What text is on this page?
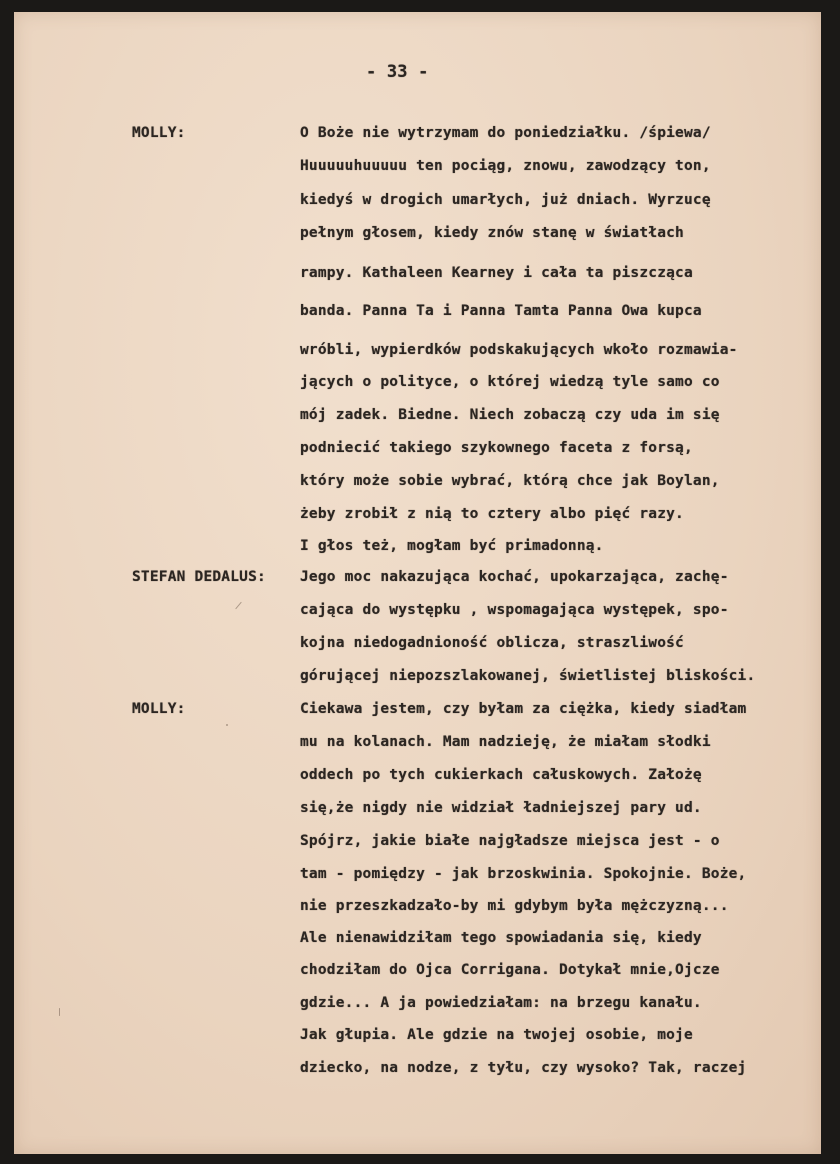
- 33 -
MOLLY:
STEFAN DEDALUS:
MOLLY:
O Boże nie wytrzymam do poniedziałku. /śpiewa/
Huuuuuhuuuuu ten pociąg, znowu, zawodzący ton,
kiedyś w drogich umarłych, już dniach. Wyrzucę
pełnym głosem, kiedy znów stanę w światłach
rampy. Kathaleen Kearney i cała ta piszcząca
banda. Panna Ta i Panna Tamta Panna Owa kupca
wróbli, wypierdków podskakujących wkoło rozmawia-
jących o polityce, o której wiedzą tyle samo co
mój zadek. Biedne. Niech zobaczą czy uda im się
podniecić takiego szykownego faceta z forsą,
który może sobie wybrać, którą chce jak Boylan,
żeby zrobił z nią to cztery albo pięć razy.
I głos też, mogłam być primadonną.
Jego moc nakazująca kochać, upokarzająca, zachę-
cająca do występku , wspomagająca występek, spo-
kojna niedogadnioność oblicza, straszliwość
górującej niepozszlakowanej, świetlistej bliskości.
Ciekawa jestem, czy byłam za ciężka, kiedy siadłam
mu na kolanach. Mam nadzieję, że miałam słodki
oddech po tych cukierkach całuskowych. Założę
się,że nigdy nie widział ładniejszej pary ud.
Spójrz, jakie białe najgładsze miejsca jest - o
tam - pomiędzy - jak brzoskwinia. Spokojnie. Boże,
nie przeszkadzało-by mi gdybym była mężczyzną...
Ale nienawidziłam tego spowiadania się, kiedy
chodziłam do Ojca Corrigana. Dotykał mnie,Ojcze
gdzie... A ja powiedziałam: na brzegu kanału.
Jak głupia. Ale gdzie na twojej osobie, moje
dziecko, na nodze, z tyłu, czy wysoko? Tak, raczej
